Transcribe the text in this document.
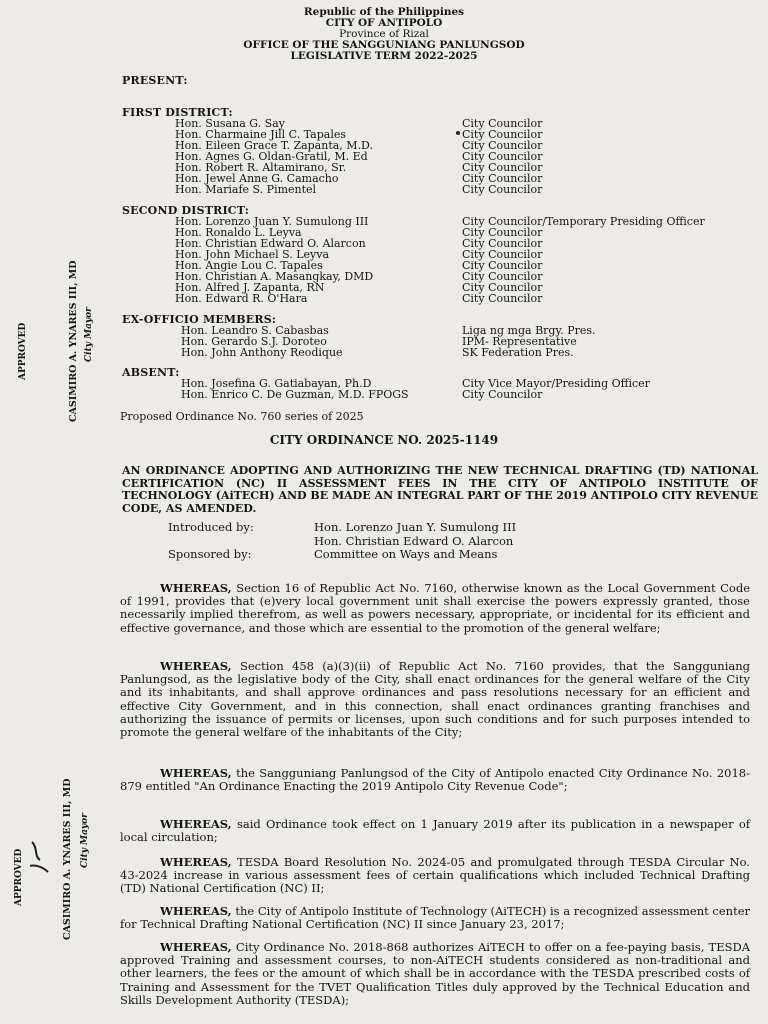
Republic of the Philippines
CITY OF ANTIPOLO
Province of Rizal
OFFICE OF THE SANGGUNIANG PANLUNGSOD
LEGISLATIVE TERM 2022-2025
PRESENT:
FIRST DISTRICT:
Hon. Susana G. Say	City Councilor
Hon. Charmaine Jill C. Tapales	City Councilor
Hon. Eileen Grace T. Zapanta, M.D.	City Councilor
Hon. Agnes G. Oldan-Gratil, M. Ed	City Councilor
Hon. Robert R. Altamirano, Sr.	City Councilor
Hon. Jewel Anne G. Camacho	City Councilor
Hon. Mariafe S. Pimentel	City Councilor
SECOND DISTRICT:
Hon. Lorenzo Juan Y. Sumulong III	City Councilor/Temporary Presiding Officer
Hon. Ronaldo L. Leyva	City Councilor
Hon. Christian Edward O. Alarcon	City Councilor
Hon. John Michael S. Leyva	City Councilor
Hon. Angie Lou C. Tapales	City Councilor
Hon. Christian A. Masangkay, DMD	City Councilor
Hon. Alfred J. Zapanta, RN	City Councilor
Hon. Edward R. O'Hara	City Councilor
EX-OFFICIO MEMBERS:
Hon. Leandro S. Cabasbas	Liga ng mga Brgy. Pres.
Hon. Gerardo S.J. Doroteo	IPM- Representative
Hon. John Anthony Reodique	SK Federation Pres.
ABSENT:
Hon. Josefina G. Gatiabayan, Ph.D	City Vice Mayor/Presiding Officer
Hon. Enrico C. De Guzman, M.D. FPOGS	City Councilor
Proposed Ordinance No. 760 series of 2025
CITY ORDINANCE NO. 2025-1149
AN ORDINANCE ADOPTING AND AUTHORIZING THE NEW TECHNICAL DRAFTING (TD) NATIONAL CERTIFICATION (NC) II ASSESSMENT FEES IN THE CITY OF ANTIPOLO INSTITUTE OF TECHNOLOGY (AiTECH) AND BE MADE AN INTEGRAL PART OF THE 2019 ANTIPOLO CITY REVENUE CODE, AS AMENDED.
Introduced by:	Hon. Lorenzo Juan Y. Sumulong III
Hon. Christian Edward O. Alarcon
Sponsored by:	Committee on Ways and Means
WHEREAS, Section 16 of Republic Act No. 7160, otherwise known as the Local Government Code of 1991, provides that (e)very local government unit shall exercise the powers expressly granted, those necessarily implied therefrom, as well as powers necessary, appropriate, or incidental for its efficient and effective governance, and those which are essential to the promotion of the general welfare;
WHEREAS, Section 458 (a)(3)(ii) of Republic Act No. 7160 provides, that the Sangguniang Panlungsod, as the legislative body of the City, shall enact ordinances for the general welfare of the City and its inhabitants, and shall approve ordinances and pass resolutions necessary for an efficient and effective City Government, and in this connection, shall enact ordinances granting franchises and authorizing the issuance of permits or licenses, upon such conditions and for such purposes intended to promote the general welfare of the inhabitants of the City;
WHEREAS, the Sangguniang Panlungsod of the City of Antipolo enacted City Ordinance No. 2018-879 entitled "An Ordinance Enacting the 2019 Antipolo City Revenue Code";
WHEREAS, said Ordinance took effect on 1 January 2019 after its publication in a newspaper of local circulation;
WHEREAS, TESDA Board Resolution No. 2024-05 and promulgated through TESDA Circular No. 43-2024 increase in various assessment fees of certain qualifications which included Technical Drafting (TD) National Certification (NC) II;
WHEREAS, the City of Antipolo Institute of Technology (AiTECH) is a recognized assessment center for Technical Drafting National Certification (NC) II since January 23, 2017;
WHEREAS, City Ordinance No. 2018-868 authorizes AiTECH to offer on a fee-paying basis, TESDA approved Training and assessment courses, to non-AiTECH students considered as non-traditional and other learners, the fees or the amount of which shall be in accordance with the TESDA prescribed costs of Training and Assessment for the TVET Qualification Titles duly approved by the Technical Education and Skills Development Authority (TESDA);
APPROVED	CASIMIRO A. YNARES III, MD City Mayor
APPROVED	CASIMIRO A. YNARES III, MD City Mayor
